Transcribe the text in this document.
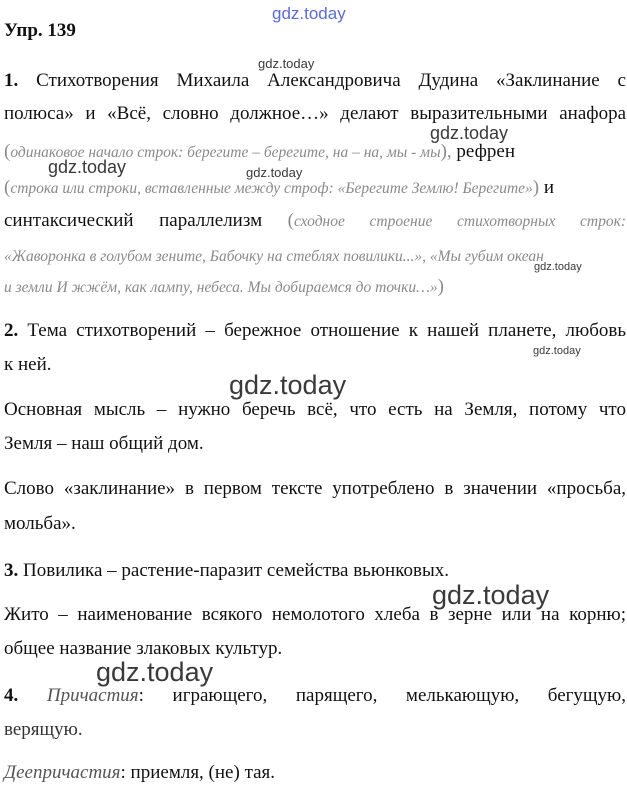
gdz.today
gdz.today
gdz.today
gdz.today	gdz.today
gdz.today
gdz.today
gdz.today
gdz.today
gdz.today
Упр. 139
1. Стихотворения Михаила Александровича Дудина «Заклинание с
полюса» и «Всё, словно должное…» делают выразительными анафора
(одинаковое начало строк: берегите – берегите, на – на, мы - мы), рефрен
(строка или строки, вставленные между строф: «Берегите Землю! Берегите») и
синтаксический параллелизм (сходное строение стихотворных строк:
«Жаворонка в голубом зените, Бабочку на стеблях повилики...», «Мы губим океан
и земли И жжём, как лампу, небеса. Мы добираемся до точки…»)
2. Тема стихотворений – бережное отношение к нашей планете, любовь
к ней.
Основная мысль – нужно беречь всё, что есть на Земля, потому что
Земля – наш общий дом.
Слово «заклинание» в первом тексте употреблено в значении «просьба,
мольба».
3. Повилика – растение-паразит семейства вьюнковых.
Жито – наименование всякого немолотого хлеба в зерне или на корню;
общее название злаковых культур.
4. Причастия: играющего, парящего, мелькающую, бегущую,
верящую.
Деепричастия: приемля, (не) тая.
